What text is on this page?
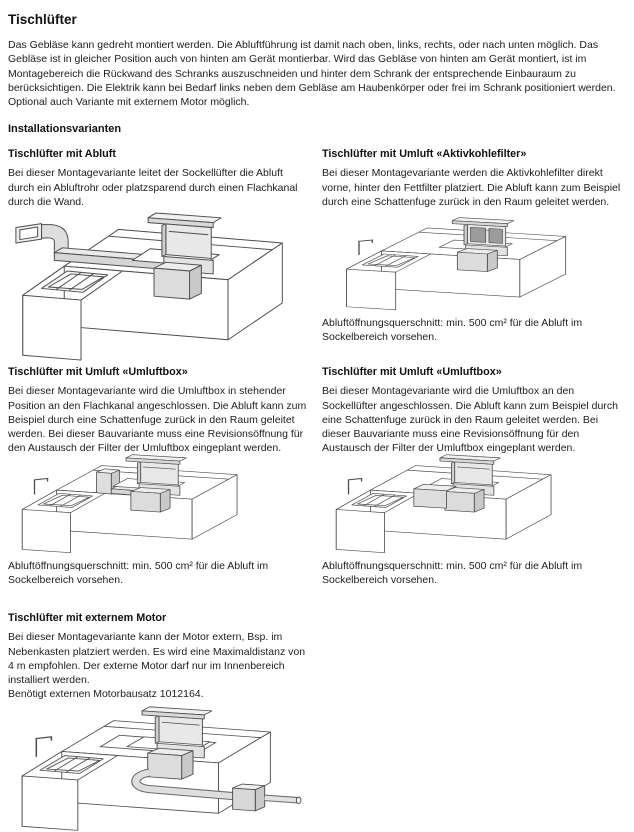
Tischlüfter

Das Gebläse kann gedreht montiert werden. Die Abluftführung ist damit nach oben, links, rechts, oder nach unten möglich. Das Gebläse ist in gleicher Position auch von hinten am Gerät montierbar. Wird das Gebläse von hinten am Gerät montiert, ist im Montagebereich die Rückwand des Schranks auszuschneiden und hinter dem Schrank der entsprechende Einbauraum zu berücksichtigen. Die Elektrik kann bei Bedarf links neben dem Gebläse am Haubenkörper oder frei im Schrank positioniert werden. Optional auch Variante mit externem Motor möglich.

Installationsvarianten
Tischlüfter mit Abluft

Bei dieser Montagevariante leitet der Sockellüfter die Abluft durch ein Abluftrohr oder platzsparend durch einen Flachkanal durch die Wand.

Tischlüfter mit Umluft «Aktivkohlefilter»

Bei dieser Montagevariante werden die Aktivkohlefilter direkt vorne, hinter den Fettfilter platziert. Die Abluft kann zum Beispiel durch eine Schattenfuge zurück in den Raum geleitet werden.

Abluftöffnungsquerschnitt: min. 500 cm² für die Abluft im Sockelbereich vorsehen.
Tischlüfter mit Umluft «Umluftbox»

Bei dieser Montagevariante wird die Umluftbox in stehender Position an den Flachkanal angeschlossen. Die Abluft kann zum Beispiel durch eine Schattenfuge zurück in den Raum geleitet werden. Bei dieser Bauvariante muss eine Revisionsöffnung für den Austausch der Filter der Umluftbox eingeplant werden.

Abluftöffnungsquerschnitt: min. 500 cm² für die Abluft im Sockelbereich vorsehen.
Tischlüfter mit Umluft «Umluftbox»

Bei dieser Montagevariante wird die Umluftbox an den Sockellüfter angeschlossen. Die Abluft kann zum Beispiel durch eine Schattenfuge zurück in den Raum geleitet werden. Bei dieser Bauvariante muss eine Revisionsöffnung für den Austausch der Filter der Umluftbox eingeplant werden.

Abluftöffnungsquerschnitt: min. 500 cm² für die Abluft im Sockelbereich vorsehen.
Tischlüfter mit externem Motor

Bei dieser Montagevariante kann der Motor extern, Bsp. im Nebenkasten platziert werden. Es wird eine Maximaldistanz von 4 m empfohlen. Der externe Motor darf nur im Innenbereich installiert werden.

Benötigt externen Motorbausatz 1012164.
